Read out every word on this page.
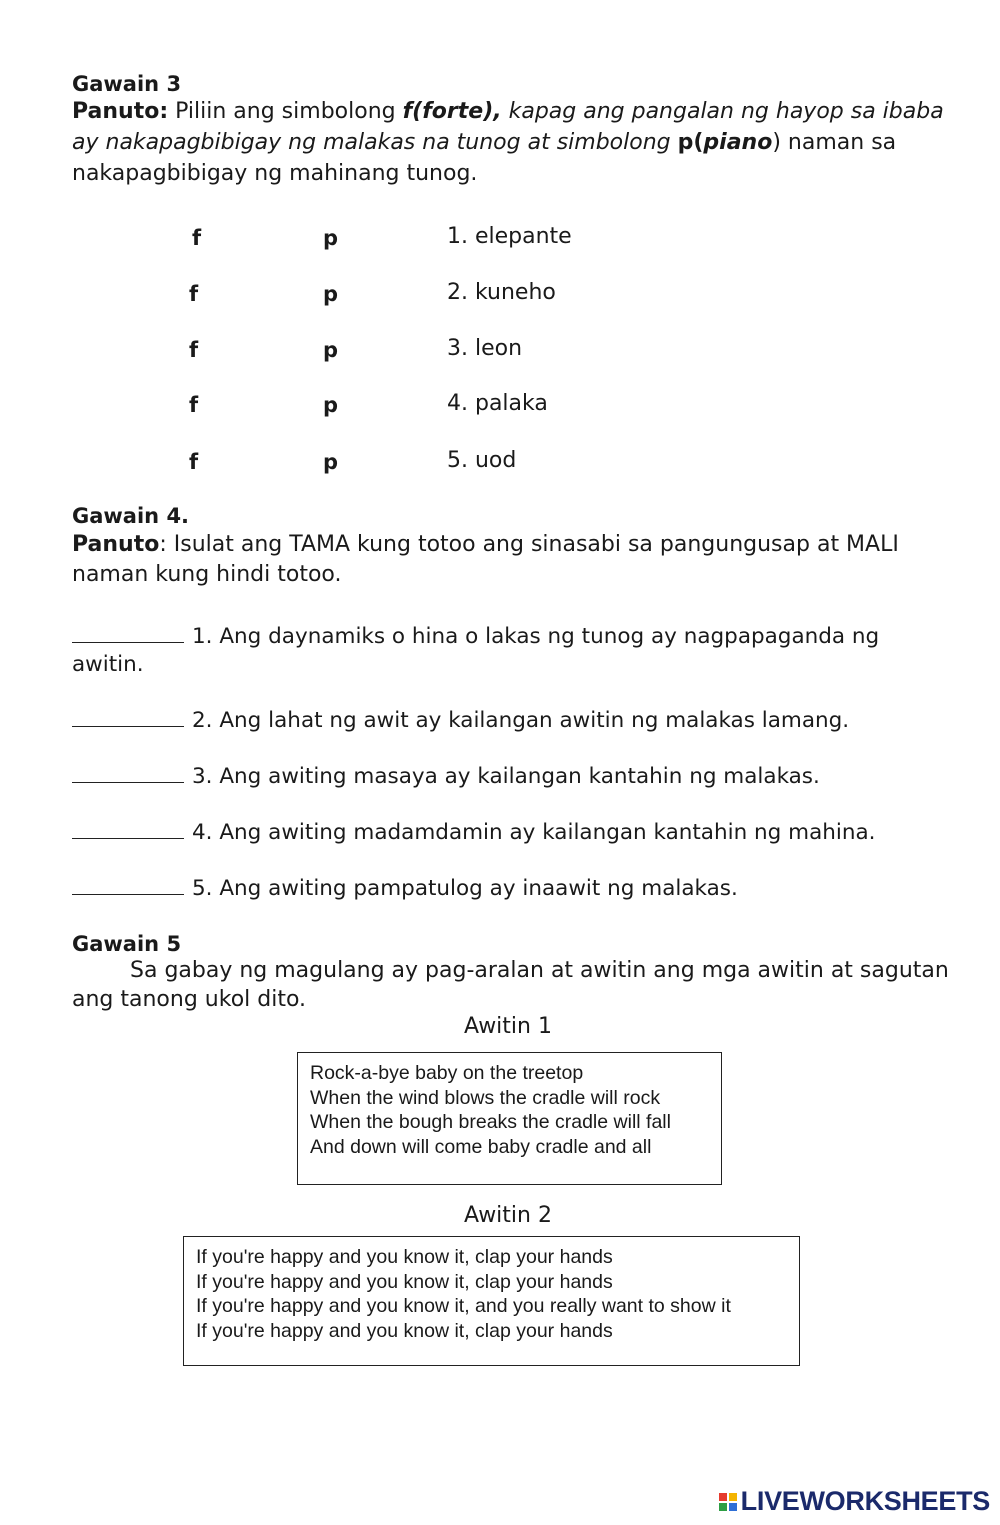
Gawain 3
Panuto: Piliin ang simbolong f(forte), kapag ang pangalan ng hayop sa ibaba ay nakapagbibigay ng malakas na tunog at simbolong p(piano) naman sa nakapagbibigay ng mahinang tunog.
f	p	1. elepante
f	p	2. kuneho
f	p	3. leon
f	p	4. palaka
f	p	5. uod
Gawain 4.
Panuto: Isulat ang TAMA kung totoo ang sinasabi sa pangungusap at MALI naman kung hindi totoo.
1. Ang daynamiks o hina o lakas ng tunog ay nagpapaganda ng awitin.
2. Ang lahat ng awit ay kailangan awitin ng malakas lamang.
3. Ang awiting masaya ay kailangan kantahin ng malakas.
4. Ang awiting madamdamin ay kailangan kantahin ng mahina.
5. Ang awiting pampatulog ay inaawit ng malakas.
Gawain 5
Sa gabay ng magulang ay pag-aralan at awitin ang mga awitin at sagutan ang tanong ukol dito.
Awitin 1
Rock-a-bye baby on the treetop
When the wind blows the cradle will rock
When the bough breaks the cradle will fall
And down will come baby cradle and all
Awitin 2
If you're happy and you know it, clap your hands
If you're happy and you know it, clap your hands
If you're happy and you know it, and you really want to show it
If you're happy and you know it, clap your hands
LIVEWORKSHEETS
